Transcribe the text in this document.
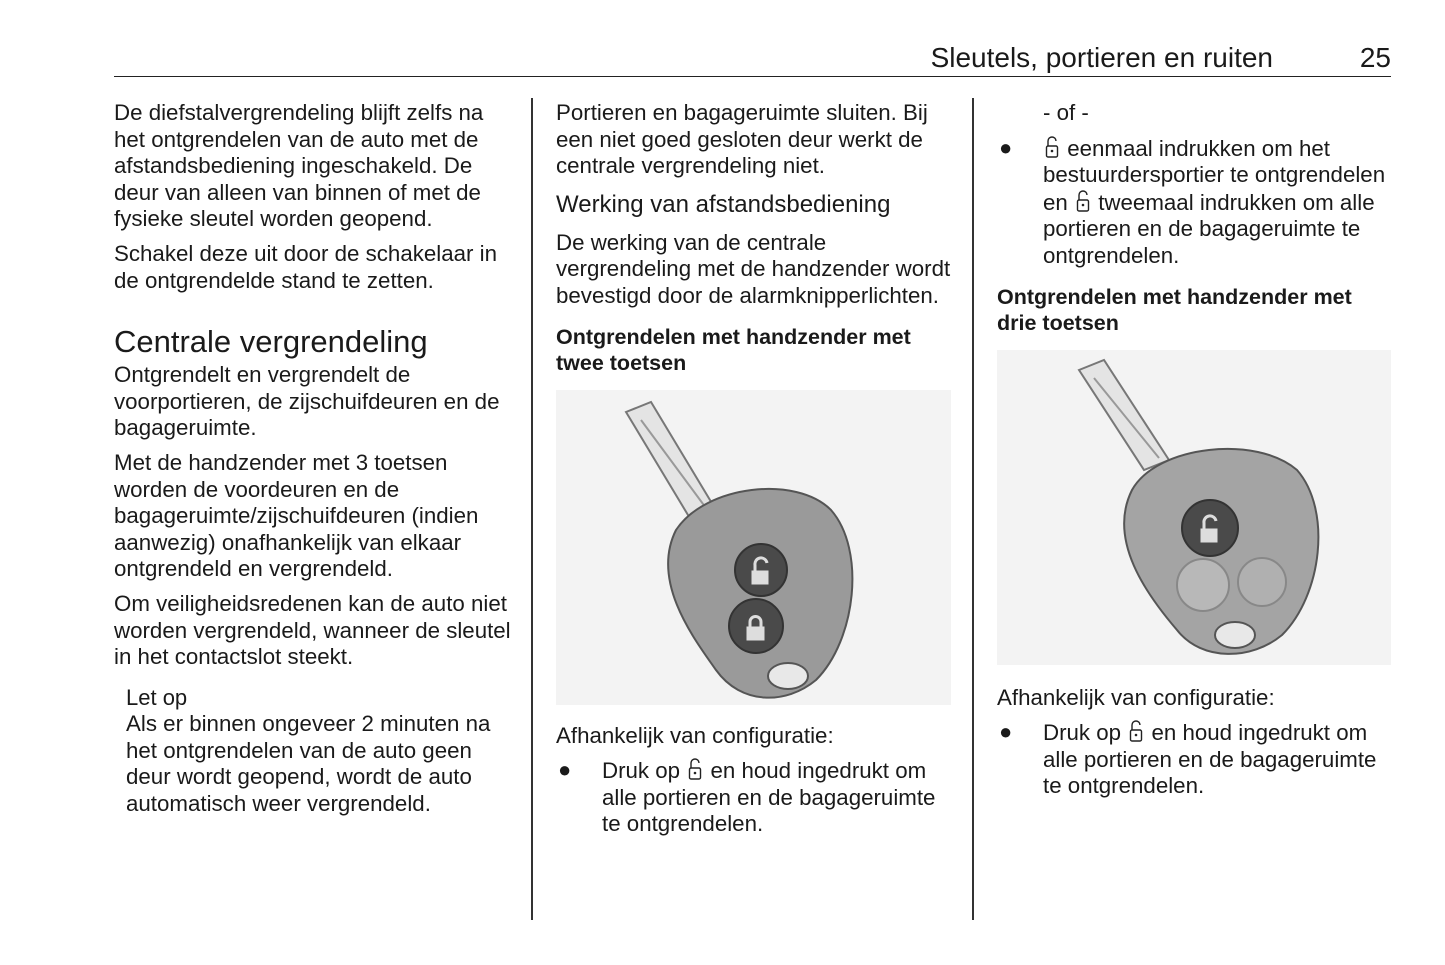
Sleutels, portieren en ruiten	25

De diefstalvergrendeling blijft zelfs na het ontgrendelen van de auto met de afstandsbediening ingeschakeld. De deur van alleen van binnen of met de fysieke sleutel worden geopend.

Schakel deze uit door de schakelaar in de ontgrendelde stand te zetten.

Centrale vergrendeling

Ontgrendelt en vergrendelt de voorportieren, de zijschuifdeuren en de bagageruimte.

Met de handzender met 3 toetsen worden de voordeuren en de bagageruimte/zijschuifdeuren (indien aanwezig) onafhankelijk van elkaar ontgrendeld en vergrendeld.

Om veiligheidsredenen kan de auto niet worden vergrendeld, wanneer de sleutel in het contactslot steekt.

Let op
Als er binnen ongeveer 2 minuten na het ontgrendelen van de auto geen deur wordt geopend, wordt de auto automatisch weer vergrendeld.

Portieren en bagageruimte sluiten. Bij een niet goed gesloten deur werkt de centrale vergrendeling niet.

Werking van afstandsbediening

De werking van de centrale vergrendeling met de handzender wordt bevestigd door de alarmknipperlichten.

Ontgrendelen met handzender met twee toetsen

Afhankelijk van configuratie:

● Druk op en houd ingedrukt om alle portieren en de bagageruimte te ontgrendelen.

- of -

● eenmaal indrukken om het bestuurdersportier te ontgrendelen en tweemaal indrukken om alle portieren en de bagageruimte te ontgrendelen.
Ontgrendelen met handzender met drie toetsen

Afhankelijk van configuratie:

● Druk op en houd ingedrukt om alle portieren en de bagageruimte te ontgrendelen.
